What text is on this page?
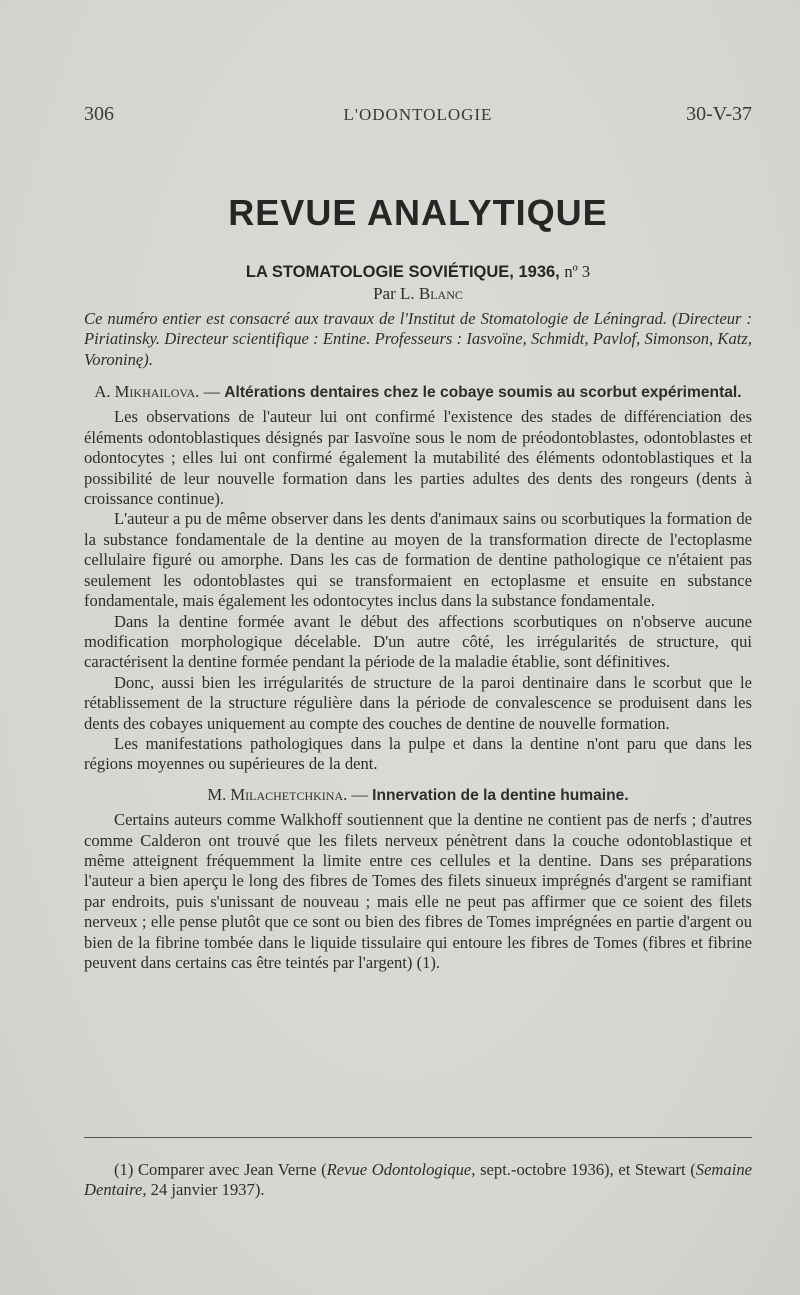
306	L'ODONTOLOGIE	30-V-37
REVUE ANALYTIQUE

LA STOMATOLOGIE SOVIÉTIQUE, 1936, nº 3

Par L. Blanc

Ce numéro entier est consacré aux travaux de l'Institut de Stomatologie de Léningrad. (Directeur : Piriatinsky. Directeur scientifique : Entine. Professeurs : Iasvoïne, Schmidt, Pavlof, Simonson, Katz, Voroninę).

A. Mikhailova. — Altérations dentaires chez le cobaye soumis au scorbut expérimental.

Les observations de l'auteur lui ont confirmé l'existence des stades de différenciation des éléments odontoblastiques désignés par Iasvoïne sous le nom de préodontoblastes, odontoblastes et odontocytes ; elles lui ont confirmé également la mutabilité des éléments odontoblastiques et la possibilité de leur nouvelle formation dans les parties adultes des dents des rongeurs (dents à croissance continue).

L'auteur a pu de même observer dans les dents d'animaux sains ou scorbutiques la formation de la substance fondamentale de la dentine au moyen de la transformation directe de l'ectoplasme cellulaire figuré ou amorphe. Dans les cas de formation de dentine pathologique ce n'étaient pas seulement les odontoblastes qui se transformaient en ectoplasme et ensuite en substance fondamentale, mais également les odontocytes inclus dans la substance fondamentale.

Dans la dentine formée avant le début des affections scorbutiques on n'observe aucune modification morphologique décelable. D'un autre côté, les irrégularités de structure, qui caractérisent la dentine formée pendant la période de la maladie établie, sont définitives.

Donc, aussi bien les irrégularités de structure de la paroi dentinaire dans le scorbut que le rétablissement de la structure régulière dans la période de convalescence se produisent dans les dents des cobayes uniquement au compte des couches de dentine de nouvelle formation.

Les manifestations pathologiques dans la pulpe et dans la dentine n'ont paru que dans les régions moyennes ou supérieures de la dent.

M. Milachetchkina. — Innervation de la dentine humaine.

Certains auteurs comme Walkhoff soutiennent que la dentine ne contient pas de nerfs ; d'autres comme Calderon ont trouvé que les filets nerveux pénètrent dans la couche odontoblastique et même atteignent fréquemment la limite entre ces cellules et la dentine. Dans ses préparations l'auteur a bien aperçu le long des fibres de Tomes des filets sinueux imprégnés d'argent se ramifiant par endroits, puis s'unissant de nouveau ; mais elle ne peut pas affirmer que ce soient des filets nerveux ; elle pense plutôt que ce sont ou bien des fibres de Tomes imprégnées en partie d'argent ou bien de la fibrine tombée dans le liquide tissulaire qui entoure les fibres de Tomes (fibres et fibrine peuvent dans certains cas être teintés par l'argent) (1).

(1) Comparer avec Jean Verne (Revue Odontologique, sept.-octobre 1936), et Stewart (Semaine Dentaire, 24 janvier 1937).
